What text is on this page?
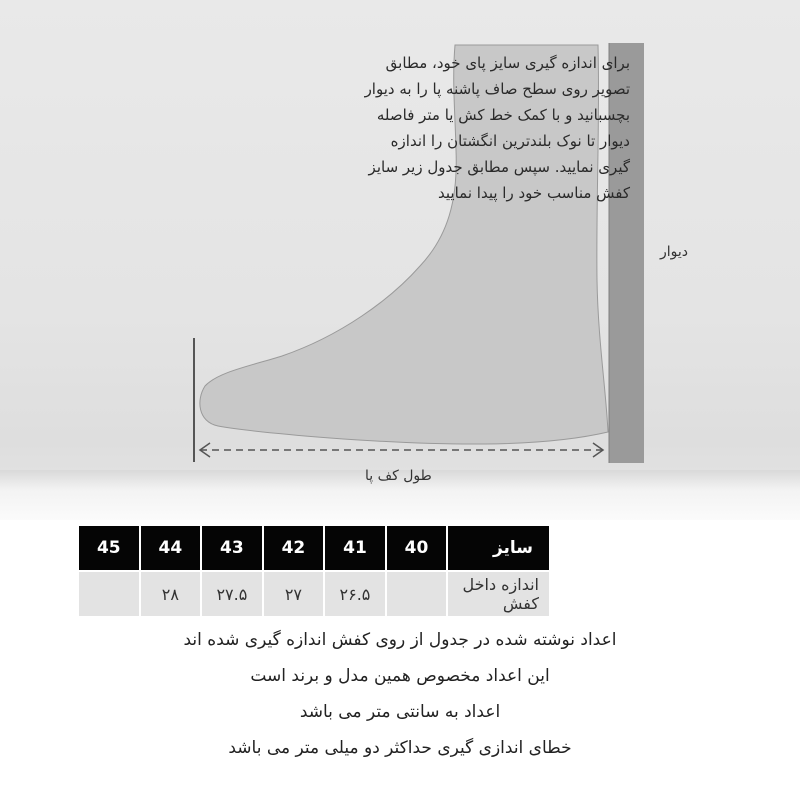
برای اندازه گیری سایز پای خود، مطابق
تصویر روی سطح صاف پاشنه پا را به دیوار
بچسبانید و با کمک خط کش یا متر فاصله
دیوار تا نوک بلندترین انگشتان را اندازه
گیری نمایید. سپس مطابق جدول زیر سایز
کفش مناسب خود را پیدا نمایید
دیوار
طول کف پا
سایز	40	41	42	43	44	45
اندازه داخل کفش		۲۶.۵	۲۷	۲۷.۵	۲۸	
اعداد نوشته شده در جدول از روی کفش اندازه گیری شده اند
این اعداد مخصوص همین مدل و برند است
اعداد به سانتی متر می باشد
خطای اندازی گیری حداکثر دو میلی متر می باشد
